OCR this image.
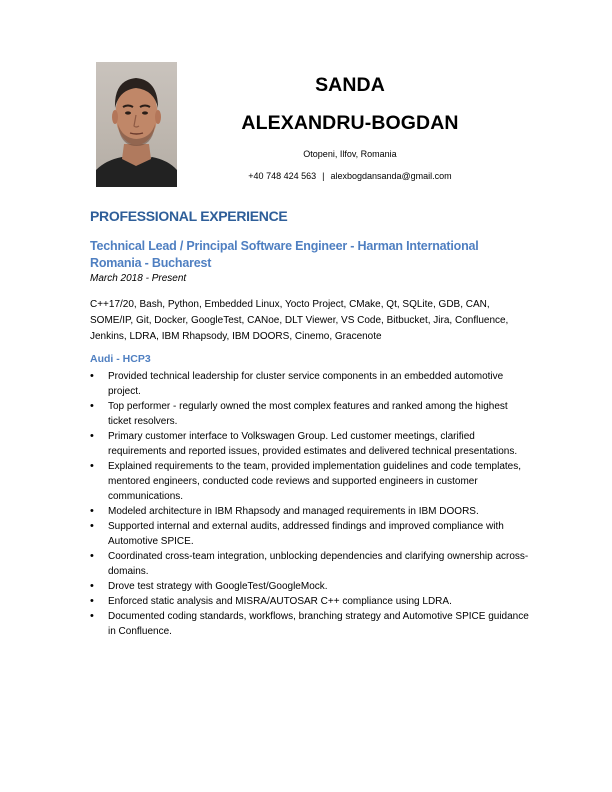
SANDA
ALEXANDRU-BOGDAN
Otopeni, Ilfov, Romania
+40 748 424 563 | alexbogdansanda@gmail.com
PROFESSIONAL EXPERIENCE
Technical Lead / Principal Software Engineer - Harman International Romania - Bucharest
March 2018 - Present
C++17/20, Bash, Python, Embedded Linux, Yocto Project, CMake, Qt, SQLite, GDB, CAN, SOME/IP, Git, Docker, GoogleTest, CANoe, DLT Viewer, VS Code, Bitbucket, Jira, Confluence, Jenkins, LDRA, IBM Rhapsody, IBM DOORS, Cinemo, Gracenote
Audi - HCP3
• Provided technical leadership for cluster service components in an embedded automotive project.
• Top performer - regularly owned the most complex features and ranked among the highest ticket resolvers.
• Primary customer interface to Volkswagen Group. Led customer meetings, clarified requirements and reported issues, provided estimates and delivered technical presentations.
• Explained requirements to the team, provided implementation guidelines and code templates, mentored engineers, conducted code reviews and supported engineers in customer communications.
• Modeled architecture in IBM Rhapsody and managed requirements in IBM DOORS.
• Supported internal and external audits, addressed findings and improved compliance with Automotive SPICE.
• Coordinated cross-team integration, unblocking dependencies and clarifying ownership across-domains.
• Drove test strategy with GoogleTest/GoogleMock.
• Enforced static analysis and MISRA/AUTOSAR C++ compliance using LDRA.
• Documented coding standards, workflows, branching strategy and Automotive SPICE guidance in Confluence.
